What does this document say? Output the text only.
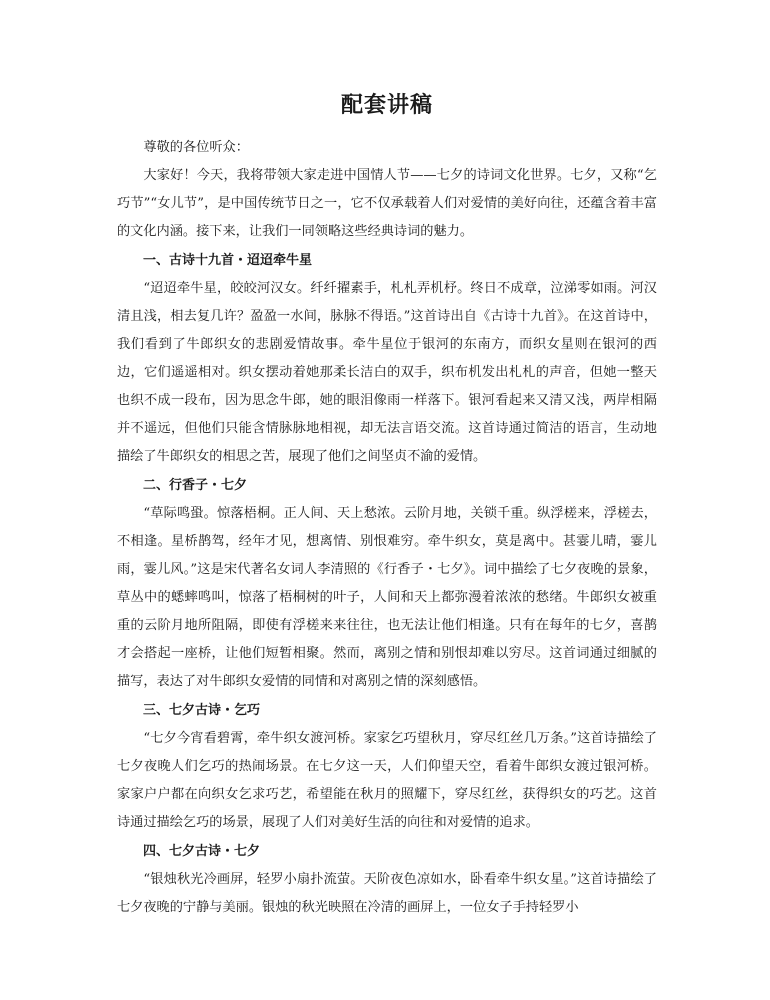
配套讲稿

尊敬的各位听众：

大家好！今天，我将带领大家走进中国情人节——七夕的诗词文化世界。七夕，又称“乞巧节”“女儿节”，是中国传统节日之一，它不仅承载着人们对爱情的美好向往，还蕴含着丰富的文化内涵。接下来，让我们一同领略这些经典诗词的魅力。

一、古诗十九首・迢迢牵牛星

“迢迢牵牛星，皎皎河汉女。纤纤擢素手，札札弄机杼。终日不成章，泣涕零如雨。河汉清且浅，相去复几许？盈盈一水间，脉脉不得语。”这首诗出自《古诗十九首》。在这首诗中，我们看到了牛郎织女的悲剧爱情故事。牵牛星位于银河的东南方，而织女星则在银河的西边，它们遥遥相对。织女摆动着她那柔长洁白的双手，织布机发出札札的声音，但她一整天也织不成一段布，因为思念牛郎，她的眼泪像雨一样落下。银河看起来又清又浅，两岸相隔并不遥远，但他们只能含情脉脉地相视，却无法言语交流。这首诗通过简洁的语言，生动地描绘了牛郎织女的相思之苦，展现了他们之间坚贞不渝的爱情。

二、行香子・七夕

“草际鸣蛩。惊落梧桐。正人间、天上愁浓。云阶月地，关锁千重。纵浮槎来，浮槎去，不相逢。星桥鹊驾，经年才见，想离情、别恨难穷。牵牛织女，莫是离中。甚霎儿晴，霎儿雨，霎儿风。”这是宋代著名女词人李清照的《行香子・七夕》。词中描绘了七夕夜晚的景象，草丛中的蟋蟀鸣叫，惊落了梧桐树的叶子，人间和天上都弥漫着浓浓的愁绪。牛郎织女被重重的云阶月地所阻隔，即使有浮槎来来往往，也无法让他们相逢。只有在每年的七夕，喜鹊才会搭起一座桥，让他们短暂相聚。然而，离别之情和别恨却难以穷尽。这首词通过细腻的描写，表达了对牛郎织女爱情的同情和对离别之情的深刻感悟。

三、七夕古诗・乞巧

“七夕今宵看碧霄，牵牛织女渡河桥。家家乞巧望秋月，穿尽红丝几万条。”这首诗描绘了七夕夜晚人们乞巧的热闹场景。在七夕这一天，人们仰望天空，看着牛郎织女渡过银河桥。家家户户都在向织女乞求巧艺，希望能在秋月的照耀下，穿尽红丝，获得织女的巧艺。这首诗通过描绘乞巧的场景，展现了人们对美好生活的向往和对爱情的追求。

四、七夕古诗・七夕

“银烛秋光冷画屏，轻罗小扇扑流萤。天阶夜色凉如水，卧看牵牛织女星。”这首诗描绘了七夕夜晚的宁静与美丽。银烛的秋光映照在冷清的画屏上，一位女子手持轻罗小
